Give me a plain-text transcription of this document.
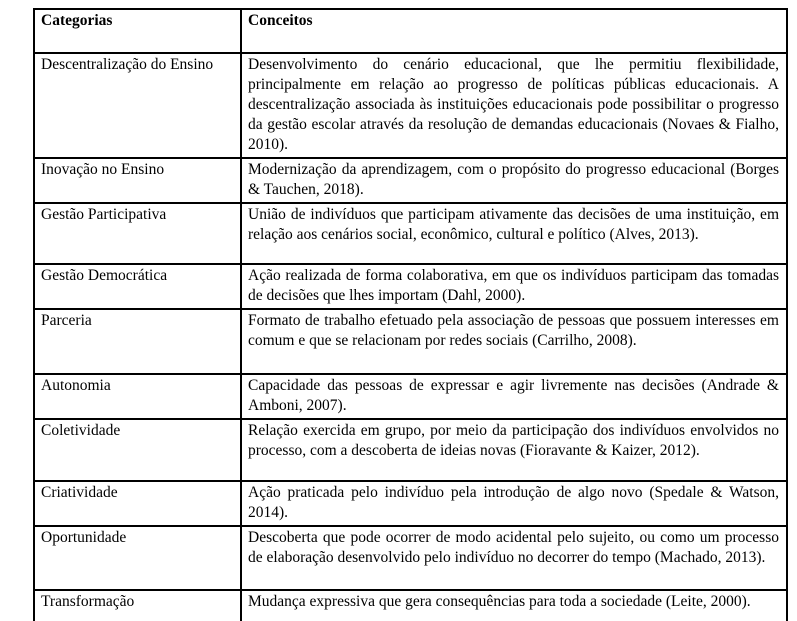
Categorias	Conceitos
Descentralização do Ensino	Desenvolvimento do cenário educacional, que lhe permitiu flexibilidade, principalmente em relação ao progresso de políticas públicas educacionais. A descentralização associada às instituições educacionais pode possibilitar o progresso da gestão escolar através da resolução de demandas educacionais (Novaes & Fialho, 2010).
Inovação no Ensino	Modernização da aprendizagem, com o propósito do progresso educacional (Borges & Tauchen, 2018).
Gestão Participativa	União de indivíduos que participam ativamente das decisões de uma instituição, em relação aos cenários social, econômico, cultural e político (Alves, 2013).
Gestão Democrática	Ação realizada de forma colaborativa, em que os indivíduos participam das tomadas de decisões que lhes importam (Dahl, 2000).
Parceria	Formato de trabalho efetuado pela associação de pessoas que possuem interesses em comum e que se relacionam por redes sociais (Carrilho, 2008).
Autonomia	Capacidade das pessoas de expressar e agir livremente nas decisões (Andrade & Amboni, 2007).
Coletividade	Relação exercida em grupo, por meio da participação dos indivíduos envolvidos no processo, com a descoberta de ideias novas (Fioravante & Kaizer, 2012).
Criatividade	Ação praticada pelo indivíduo pela introdução de algo novo (Spedale & Watson, 2014).
Oportunidade	Descoberta que pode ocorrer de modo acidental pelo sujeito, ou como um processo de elaboração desenvolvido pelo indivíduo no decorrer do tempo (Machado, 2013).
Transformação	Mudança expressiva que gera consequências para toda a sociedade (Leite, 2000).
